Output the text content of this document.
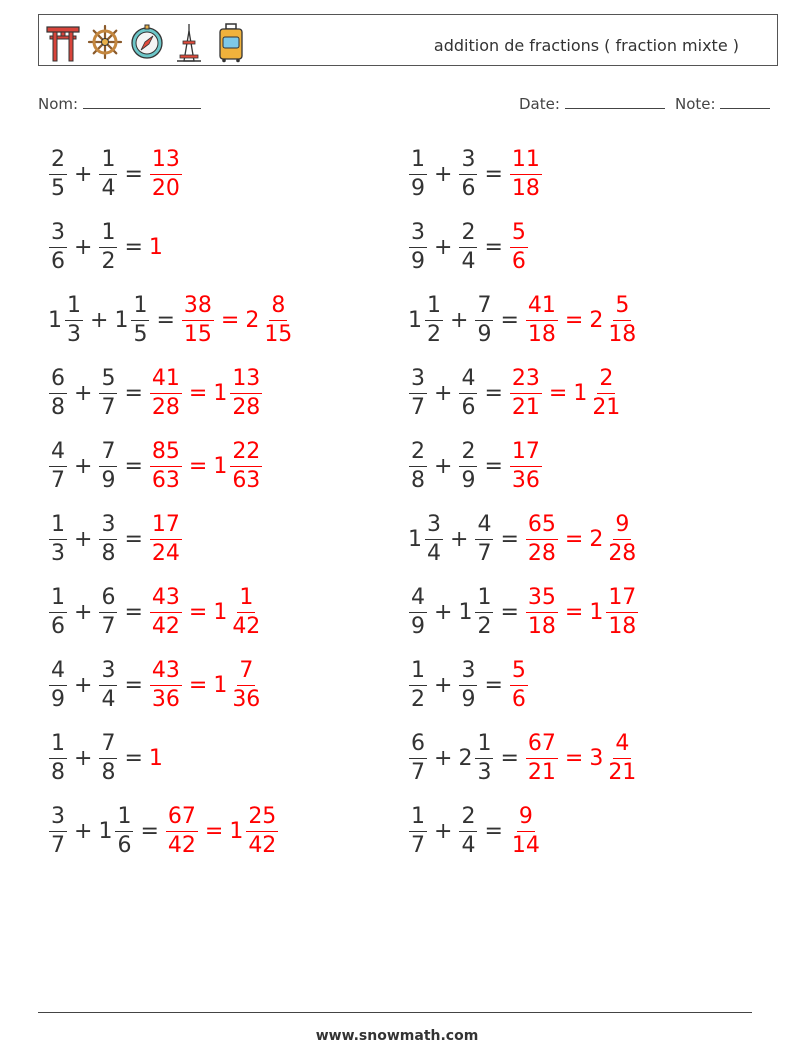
addition de fractions ( fraction mixte )
Nom:	Date:	Note:
$\frac{2}{5} + \frac{1}{4} = \frac{13}{20}$	$\frac{1}{9} + \frac{3}{6} = \frac{11}{18}$
$\frac{3}{6} + \frac{1}{2} = 1$	$\frac{3}{9} + \frac{2}{4} = \frac{5}{6}$
$1 \frac{1}{3} + 1 \frac{1}{5} = \frac{38}{15} = 2 \frac{8}{15}$	$1 \frac{1}{2} + \frac{7}{9} = \frac{41}{18} = 2 \frac{5}{18}$
$\frac{6}{8} + \frac{5}{7} = \frac{41}{28} = 1 \frac{13}{28}$	$\frac{3}{7} + \frac{4}{6} = \frac{23}{21} = 1 \frac{2}{21}$
$\frac{4}{7} + \frac{7}{9} = \frac{85}{63} = 1 \frac{22}{63}$	$\frac{2}{8} + \frac{2}{9} = \frac{17}{36}$
$\frac{1}{3} + \frac{3}{8} = \frac{17}{24}$	$1 \frac{3}{4} + \frac{4}{7} = \frac{65}{28} = 2 \frac{9}{28}$
$\frac{1}{6} + \frac{6}{7} = \frac{43}{42} = 1 \frac{1}{42}$	$\frac{4}{9} + 1 \frac{1}{2} = \frac{35}{18} = 1 \frac{17}{18}$
$\frac{4}{9} + \frac{3}{4} = \frac{43}{36} = 1 \frac{7}{36}$	$\frac{1}{2} + \frac{3}{9} = \frac{5}{6}$
$\frac{1}{8} + \frac{7}{8} = 1$	$\frac{6}{7} + 2 \frac{1}{3} = \frac{67}{21} = 3 \frac{4}{21}$
$\frac{3}{7} + 1 \frac{1}{6} = \frac{67}{42} = 1 \frac{25}{42}$	$\frac{1}{7} + \frac{2}{4} = \frac{9}{14}$
www.snowmath.com
